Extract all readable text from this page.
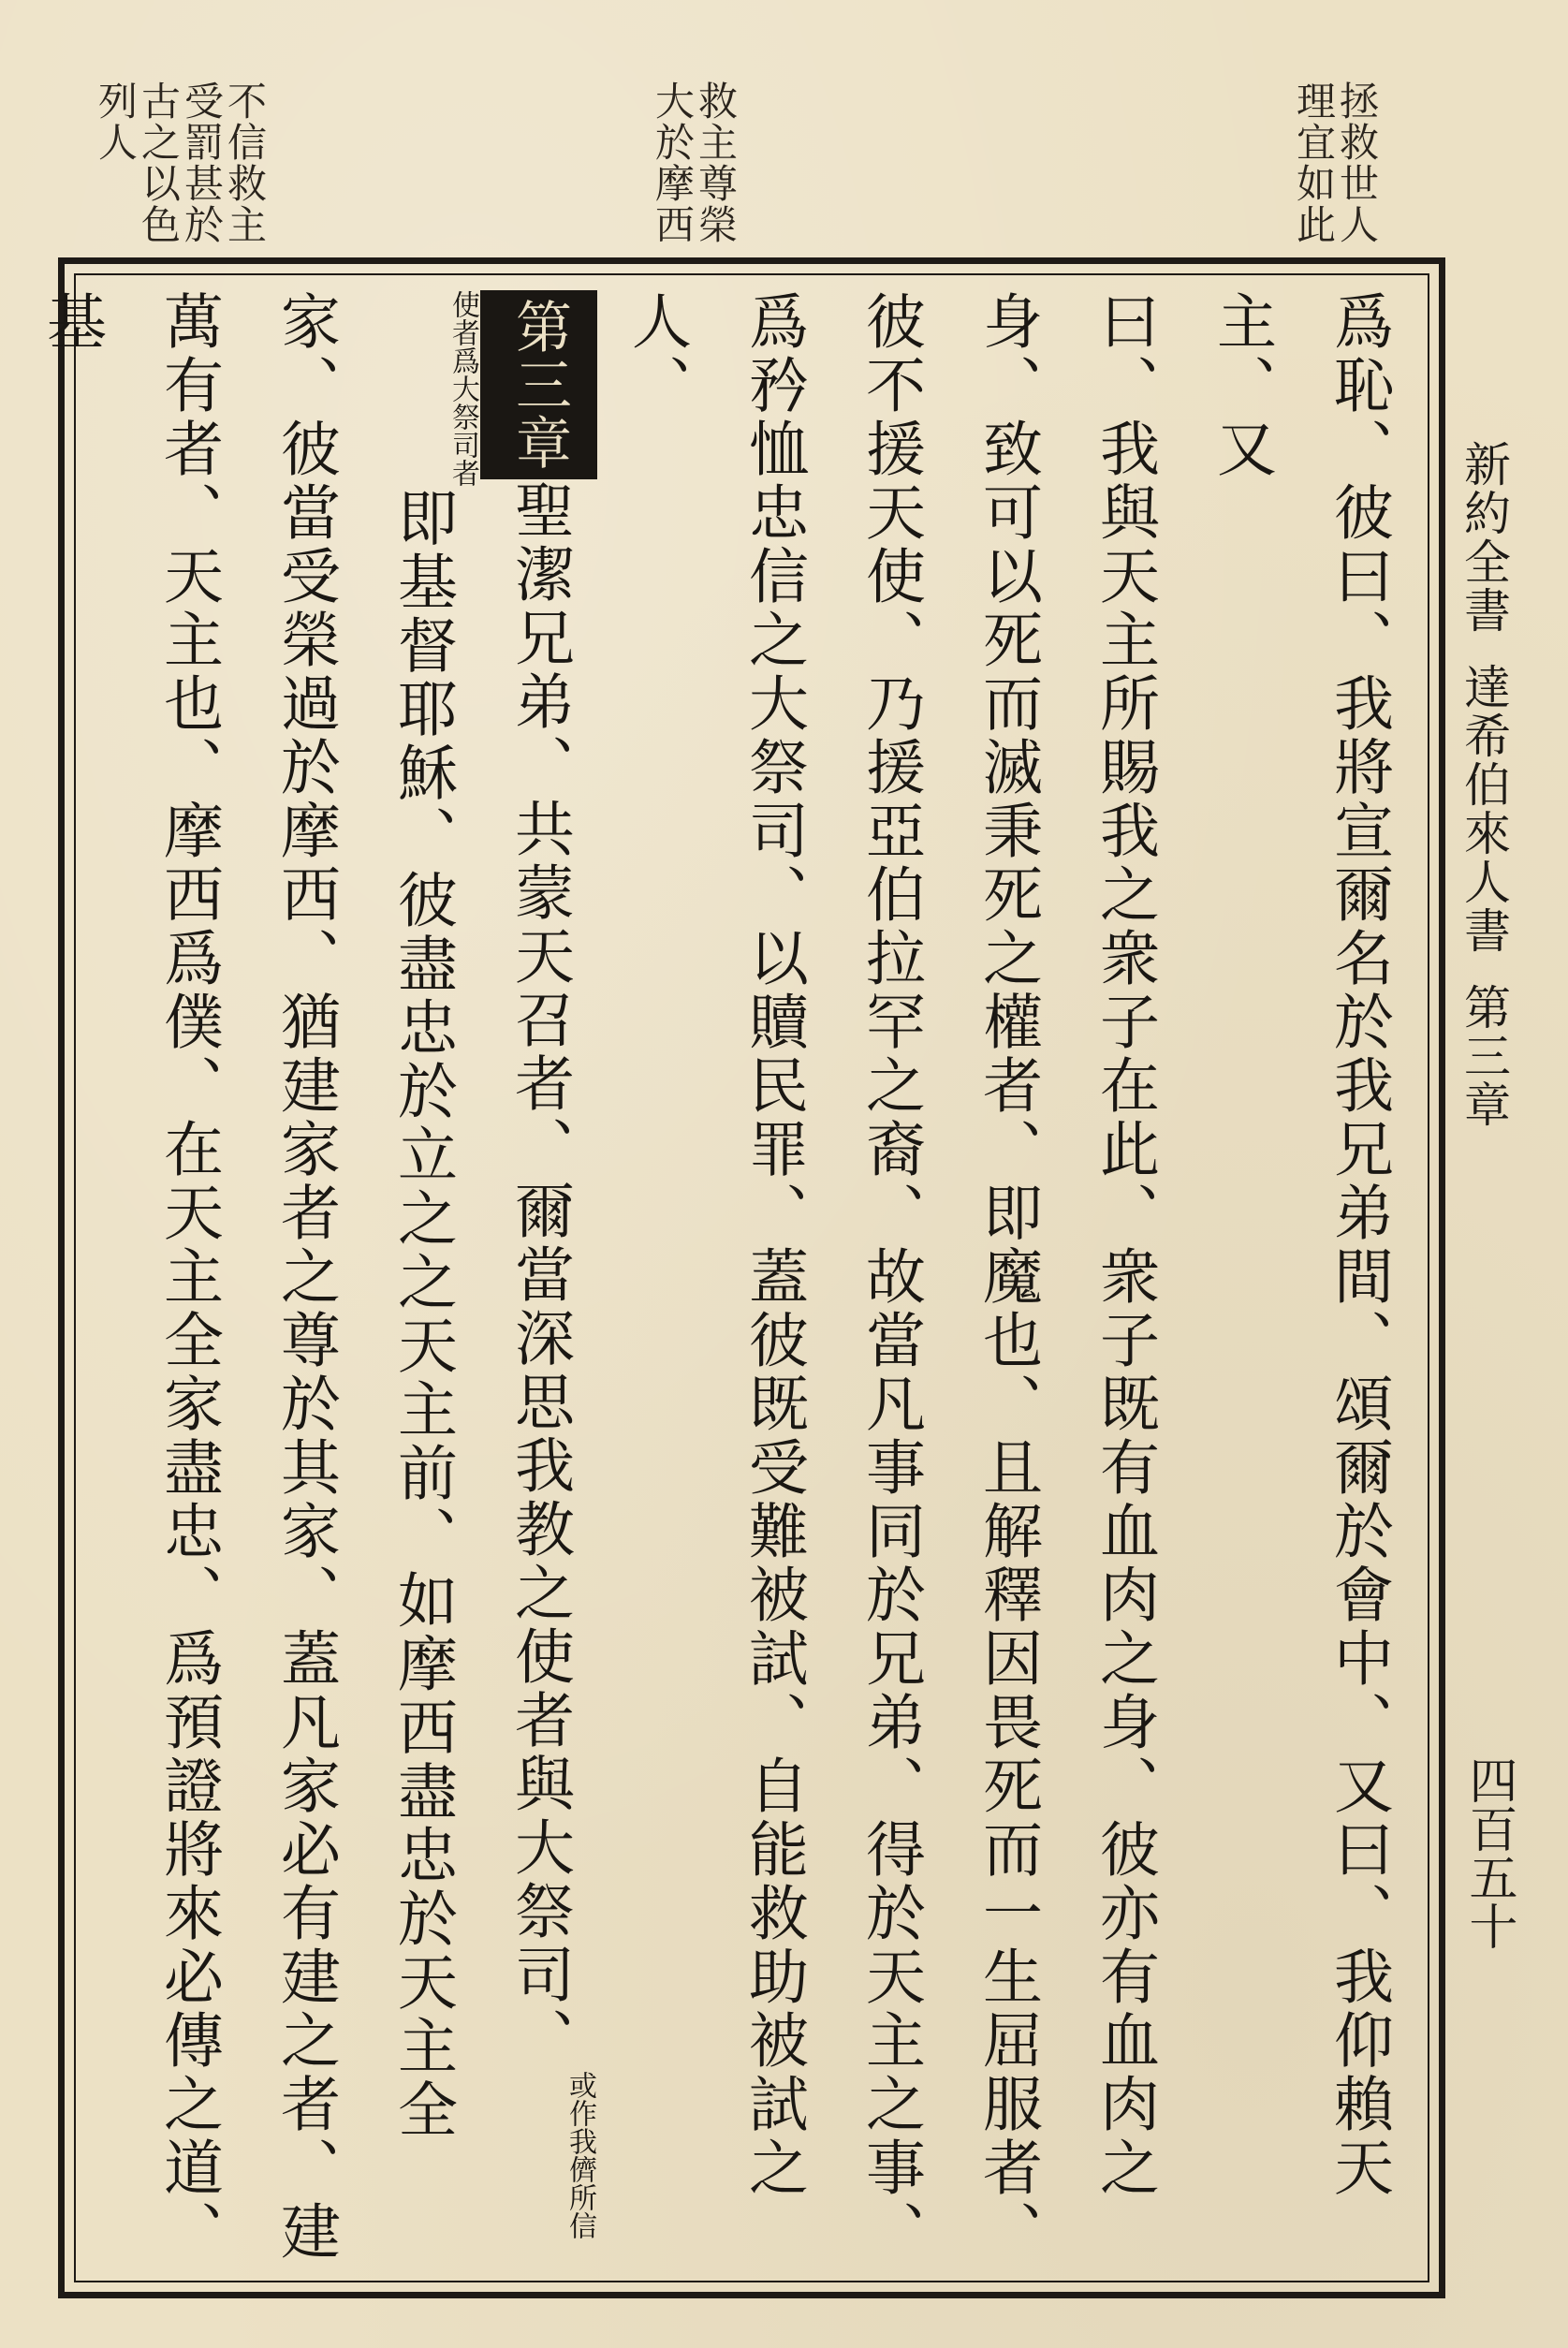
拯救世人理宜如此
救主尊榮大於摩西
不信救主受罰甚於古之以色列人
新約全書達希伯來人書第三章
四百五十
爲恥、彼曰、我將宣爾名於我兄弟間、頌爾於會中、又曰、我仰賴天主、又
曰、我與天主所賜我之衆子在此、衆子既有血肉之身、彼亦有血肉之
身、致可以死而滅秉死之權者、即魔也、且解釋因畏死而一生屈服者、
彼不援天使、乃援亞伯拉罕之裔、故當凡事同於兄弟、得於天主之事、
爲矜恤忠信之大祭司、以贖民罪、蓋彼既受難被試、自能救助被試之
人、
第三章聖潔兄弟、共蒙天召者、爾當深思我教之使者與大祭司、或作我儕所信
使者爲大祭司者即基督耶穌、彼盡忠於立之之天主前、如摩西盡忠於天主全
家、彼當受榮過於摩西、猶建家者之尊於其家、蓋凡家必有建之者、建
萬有者、天主也、摩西爲僕、在天主全家盡忠、爲預證將來必傳之道、基
